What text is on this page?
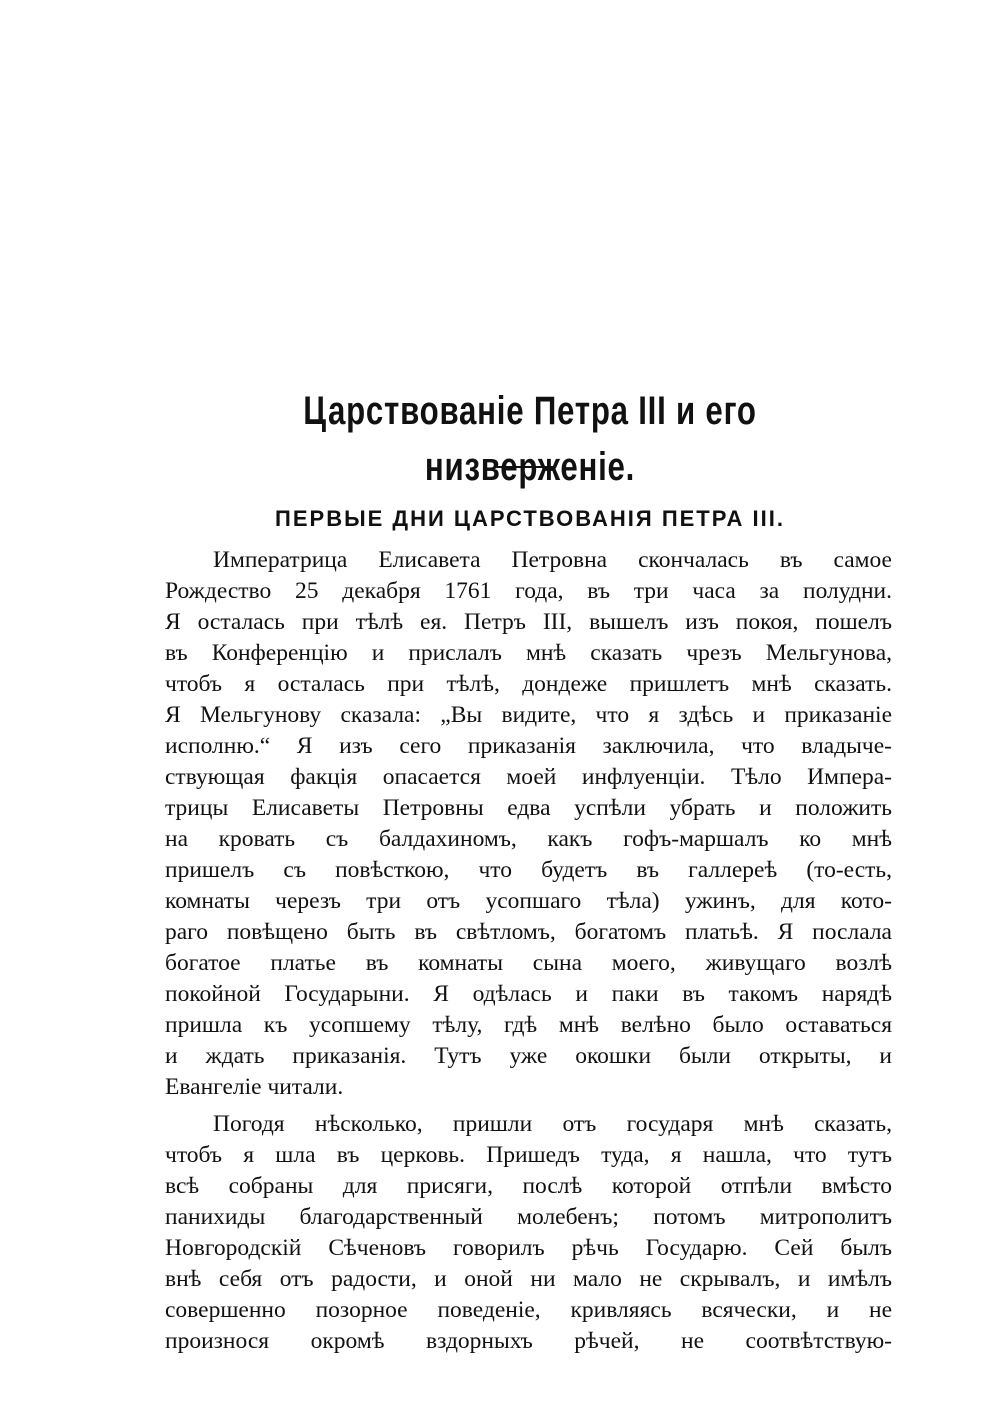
Царствованіе Петра III и его низверженіе.
ПЕРВЫЕ ДНИ ЦАРСТВОВАНІЯ ПЕТРА III.

Императрица Елисавета Петровна скончалась въ самое
Рождество 25 декабря 1761 года, въ три часа за полудни.
Я осталась при тѣлѣ ея. Петръ III, вышелъ изъ покоя, пошелъ
въ Конференцію и прислалъ мнѣ сказать чрезъ Мельгунова,
чтобъ я осталась при тѣлѣ, дондеже пришлетъ мнѣ сказать.
Я Мельгунову сказала: „Вы видите, что я здѣсь и приказаніе
исполню.“ Я изъ сего приказанія заключила, что владыче-
ствующая факція опасается моей инфлуенціи. Тѣло Импера-
трицы Елисаветы Петровны едва успѣли убрать и положить
на кровать съ балдахиномъ, какъ гофъ-маршалъ ко мнѣ
пришелъ съ повѣсткою, что будетъ въ галлереѣ (то-есть,
комнаты черезъ три отъ усопшаго тѣла) ужинъ, для кото-
раго повѣщено быть въ свѣтломъ, богатомъ платьѣ. Я послала
богатое платье въ комнаты сына моего, живущаго возлѣ
покойной Государыни. Я одѣлась и паки въ такомъ нарядѣ
пришла къ усопшему тѣлу, гдѣ мнѣ велѣно было оставаться
и ждать приказанія. Тутъ уже окошки были открыты, и
Евангеліе читали.

Погодя нѣсколько, пришли отъ государя мнѣ сказать,
чтобъ я шла въ церковь. Пришедъ туда, я нашла, что тутъ
всѣ собраны для присяги, послѣ которой отпѣли вмѣсто
панихиды благодарственный молебенъ; потомъ митрополитъ
Новгородскій Сѣченовъ говорилъ рѣчь Государю. Сей былъ
внѣ себя отъ радости, и оной ни мало не скрывалъ, и имѣлъ
совершенно позорное поведеніе, кривляясь всячески, и не
произнося окромѣ вздорныхъ рѣчей, не соотвѣтствую-
